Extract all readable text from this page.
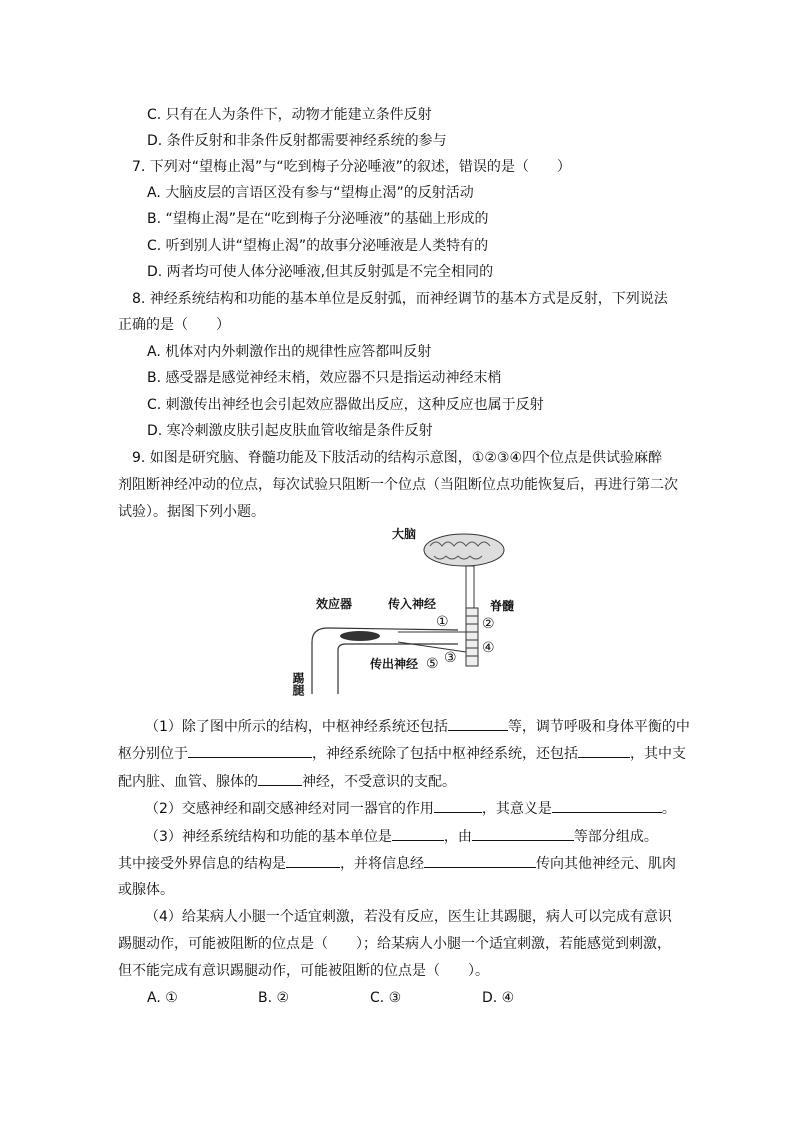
C. 只有在人为条件下，动物才能建立条件反射
D. 条件反射和非条件反射都需要神经系统的参与
7. 下列对“望梅止渴”与“吃到梅子分泌唾液”的叙述，错误的是（　　）
A. 大脑皮层的言语区没有参与“望梅止渴”的反射活动
B. “望梅止渴”是在“吃到梅子分泌唾液”的基础上形成的
C. 听到别人讲“望梅止渴”的故事分泌唾液是人类特有的
D. 两者均可使人体分泌唾液,但其反射弧是不完全相同的
8. 神经系统结构和功能的基本单位是反射弧，而神经调节的基本方式是反射，下列说法
正确的是（　　）
A. 机体对内外刺激作出的规律性应答都叫反射
B. 感受器是感觉神经末梢，效应器不只是指运动神经末梢
C. 刺激传出神经也会引起效应器做出反应，这种反应也属于反射
D. 寒冷刺激皮肤引起皮肤血管收缩是条件反射
9. 如图是研究脑、脊髓功能及下肢活动的结构示意图，①②③④四个位点是供试验麻醉
剂阻断神经冲动的位点，每次试验只阻断一个位点（当阻断位点功能恢复后，再进行第二次
试验）。据图下列小题。
大脑
脊髓
效应器	传入神经
传出神经
踢腿
① ②
③
④
⑤
（1）除了图中所示的结构，中枢神经系统还包括	等，调节呼吸和身体平衡的中
枢分别位于	，神经系统除了包括中枢神经系统，还包括	，其中支
配内脏、血管、腺体的	神经，不受意识的支配。
（2）交感神经和副交感神经对同一器官的作用	，其意义是	。
（3）神经系统结构和功能的基本单位是	，由	等部分组成。
其中接受外界信息的结构是	，并将信息经	传向其他神经元、肌肉
或腺体。
（4）给某病人小腿一个适宜刺激，若没有反应，医生让其踢腿，病人可以完成有意识
踢腿动作，可能被阻断的位点是（　　）；给某病人小腿一个适宜刺激，若能感觉到刺激，
但不能完成有意识踢腿动作，可能被阻断的位点是（　　）。
A. ①	B. ②	C. ③	D. ④
